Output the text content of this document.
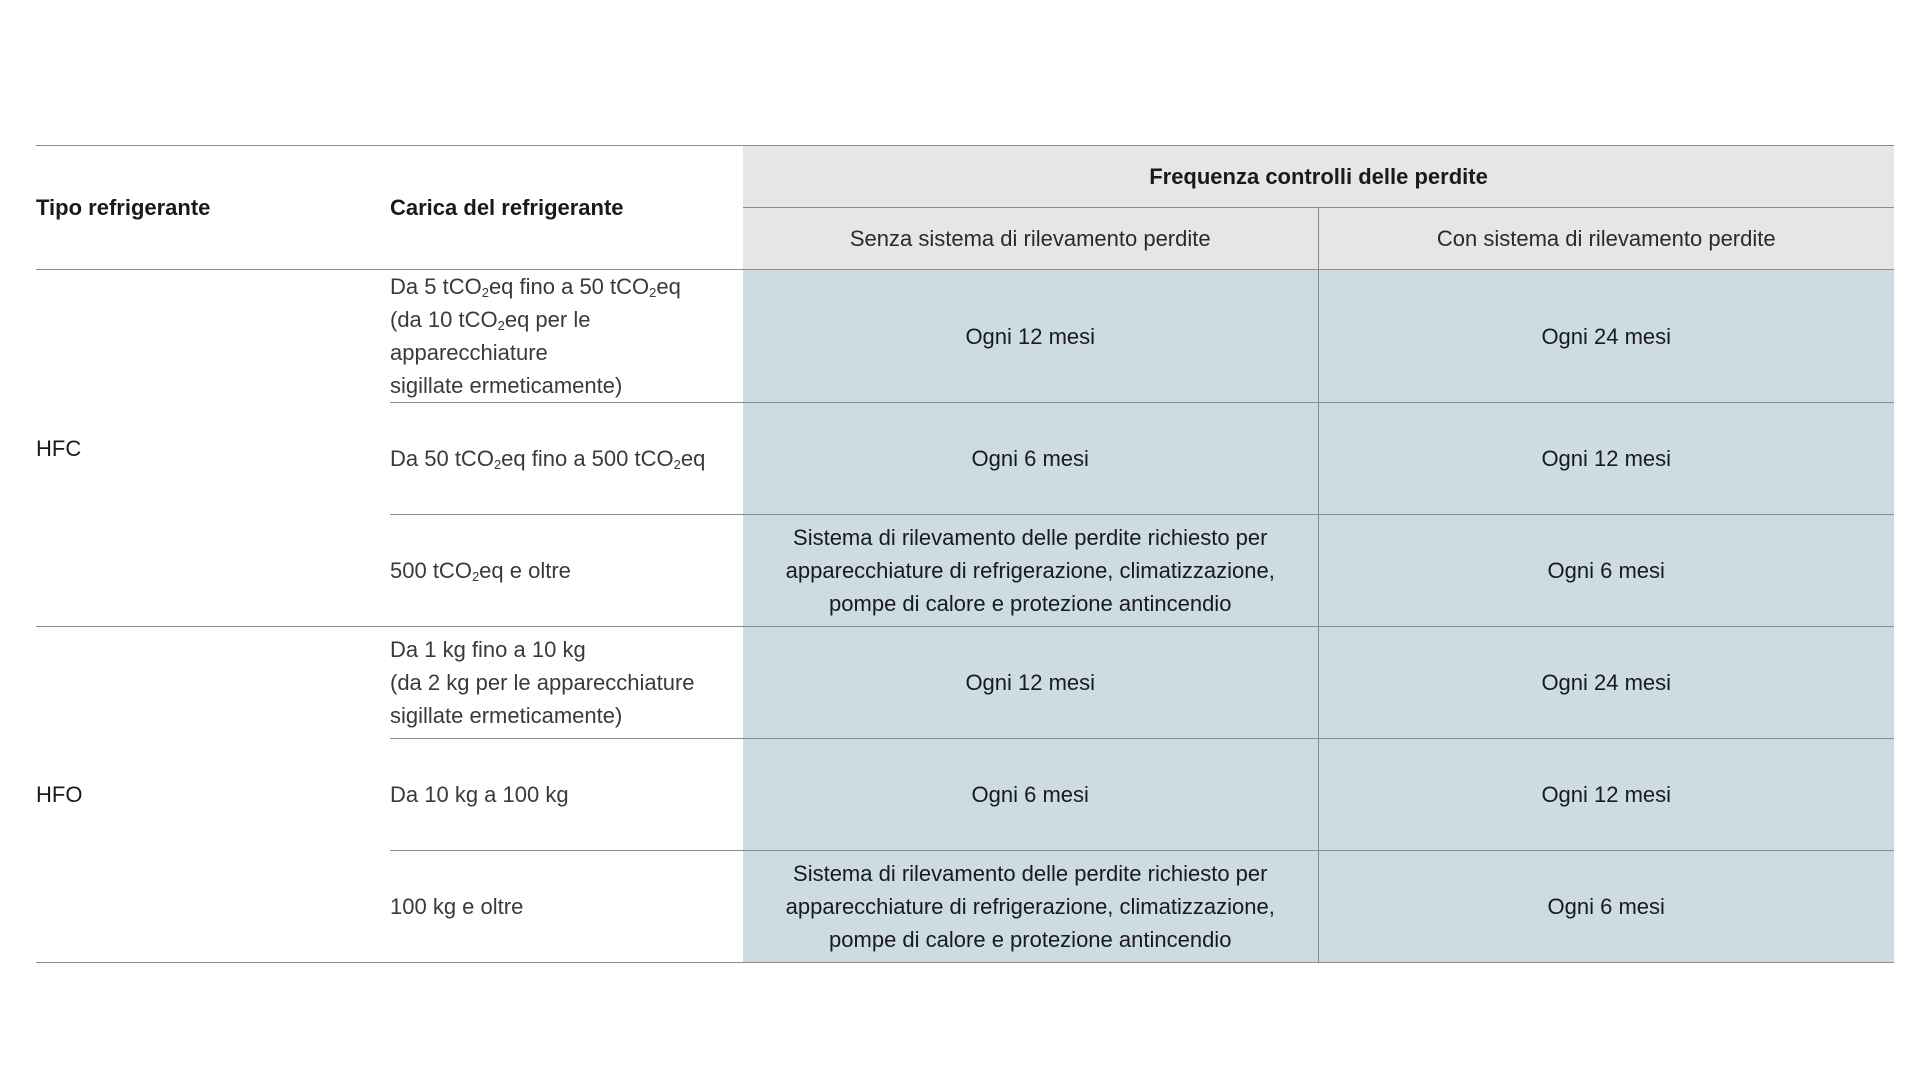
Tipo refrigerante	Carica del refrigerante	Frequenza controlli delle perdite	
		Senza sistema di rilevamento perdite	Con sistema di rilevamento perdite
HFC	Da 5 tCO$_2$eq fino a 50 tCO$_2$eq
(da 10 tCO$_2$eq per le apparecchiature
sigillate ermeticamente)	Ogni 12 mesi	Ogni 24 mesi

	Da 50 tCO$_2$eq fino a 500 tCO$_2$eq	Ogni 6 mesi	Ogni 12 mesi

	500 tCO$_2$eq e oltre	Sistema di rilevamento delle perdite richiesto per
apparecchiature di refrigerazione, climatizzazione,
pompe di calore e protezione antincendio	Ogni 6 mesi
HFO	Da 1 kg fino a 10 kg
(da 2 kg per le apparecchiature
sigillate ermeticamente)	Ogni 12 mesi	Ogni 24 mesi

	Da 10 kg a 100 kg	Ogni 6 mesi	Ogni 12 mesi

	100 kg e oltre	Sistema di rilevamento delle perdite richiesto per
apparecchiature di refrigerazione, climatizzazione,
pompe di calore e protezione antincendio	Ogni 6 mesi
